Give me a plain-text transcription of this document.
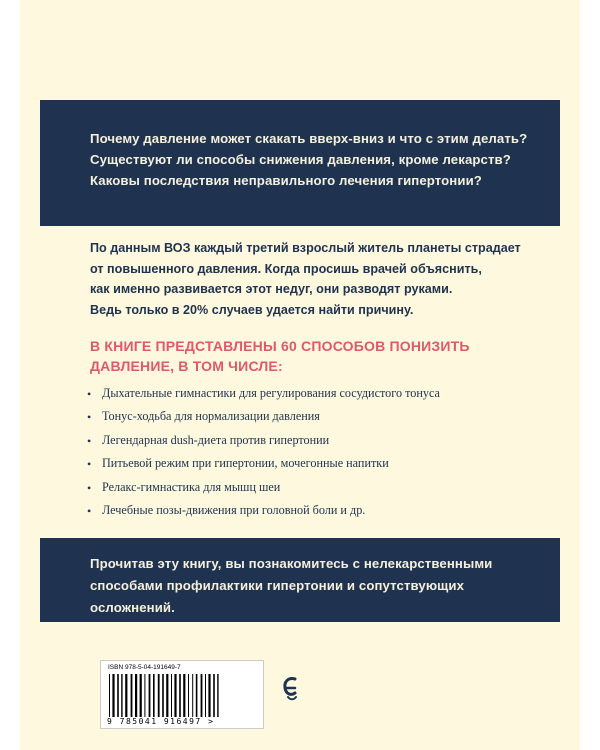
Почему давление может скакать вверх-вниз и что с этим делать?
Существуют ли способы снижения давления, кроме лекарств?
Каковы последствия неправильного лечения гипертонии?

По данным ВОЗ каждый третий взрослый житель планеты страдает
от повышенного давления. Когда просишь врачей объяснить,
как именно развивается этот недуг, они разводят руками.
Ведь только в 20% случаев удается найти причину.

В КНИГЕ ПРЕДСТАВЛЕНЫ 60 СПОСОБОВ ПОНИЗИТЬ
ДАВЛЕНИЕ, В ТОМ ЧИСЛЕ:

• Дыхательные гимнастики для регулирования сосудистого тонуса
• Тонус-ходьба для нормализации давления
• Легендарная dush-диета против гипертонии
• Питьевой режим при гипертонии, мочегонные напитки
• Релакс-гимнастика для мышц шеи
• Лечебные позы-движения при головной боли и др.

Прочитав эту книгу, вы познакомитесь с нелекарственными
способами профилактики гипертонии и сопутствующих осложнений.

ISBN 978-5-04-191649-7
9 785041 916497 >
